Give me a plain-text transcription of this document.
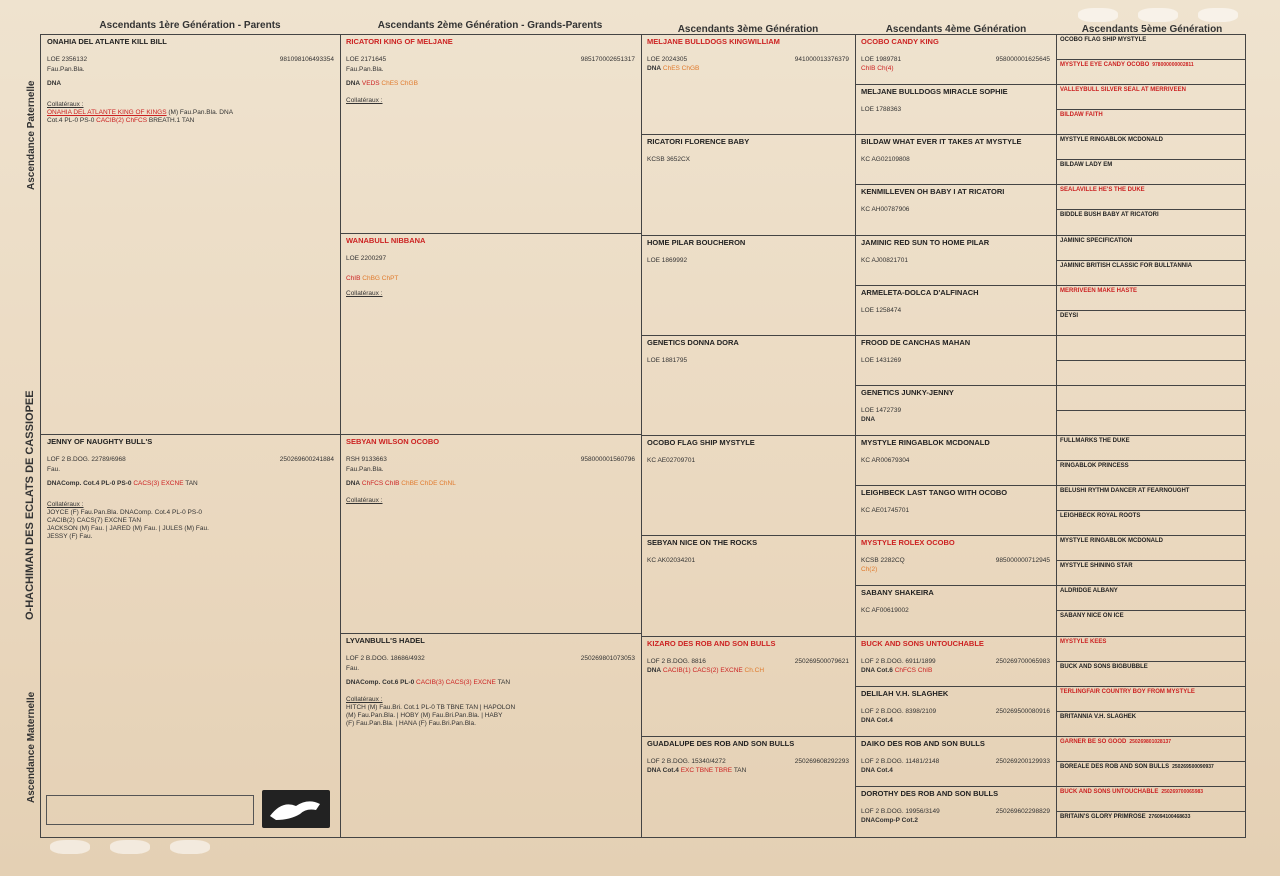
Ascendants 1ère Génération - Parents	Ascendants 2ème Génération - Grands-Parents	Ascendants 3ème Génération	Ascendants 4ème Génération	Ascendants 5ème Génération
Ascendance Paternelle
O-HACHIMAN DES ECLATS DE CASSIOPEE
Ascendance Maternelle
ONAHIA DEL ATLANTE KILL BILL
LOE 2356132	981098106493354
Fau.Pan.Bla.
DNA
Collatéraux :
ONAHIA DEL ATLANTE KING OF KINGS (M) Fau.Pan.Bla. DNA
Cot.4 PL-0 PS-0 CACIB(2) ChFCS BREATH.1 TAN
JENNY OF NAUGHTY BULL'S
LOF 2 B.DOG. 22789/6968	250269600241884
Fau.
DNAComp. Cot.4 PL-0 PS-0 CACS(3) EXCNE TAN
Collatéraux :
JOYCE (F) Fau.Pan.Bla. DNAComp. Cot.4 PL-0 PS-0
CACIB(2) CACS(7) EXCNE TAN
JACKSON (M) Fau. | JARED (M) Fau. | JULES (M) Fau.
JESSY (F) Fau.
RICATORI KING OF MELJANE
LOE 2171645	985170002651317
Fau.Pan.Bla.
DNA VEDS ChES ChGB
Collatéraux :
WANABULL NIBBANA
LOE 2200297
ChIB ChBG ChPT
Collatéraux :
SEBYAN WILSON OCOBO
RSH 9133663	958000001560796
Fau.Pan.Bla.
DNA ChFCS ChIB ChBE ChDE ChNL
Collatéraux :
LYVANBULL'S HADEL
LOF 2 B.DOG. 18686/4932	250269801073053
Fau.
DNAComp. Cot.6 PL-0 CACIB(3) CACS(3) EXCNE TAN
Collatéraux :
HITCH (M) Fau.Bri. Cot.1 PL-0 TB TBNE TAN | HAPOLON
(M) Fau.Pan.Bla. | HOBY (M) Fau.Bri.Pan.Bla. | HABY
(F) Fau.Pan.Bla. | HANA (F) Fau.Bri.Pan.Bla.
MELJANE BULLDOGS KINGWILLIAM
LOE 2024305	941000013376379
DNA ChES ChGB
RICATORI FLORENCE BABY
KCSB 3652CX
HOME PILAR BOUCHERON
LOE 1869992
GENETICS DONNA DORA
LOE 1881795
OCOBO FLAG SHIP MYSTYLE
KC AE02709701
SEBYAN NICE ON THE ROCKS
KC AK02034201
KIZARO DES ROB AND SON BULLS
LOF 2 B.DOG. 8816	250269500079621
DNA CACIB(1) CACS(2) EXCNE Ch.CH
GUADALUPE DES ROB AND SON BULLS
LOF 2 B.DOG. 15340/4272	250269608292293
DNA Cot.4 EXC TBNE TBRE TAN
OCOBO CANDY KING
LOE 1989781	958000001625645
ChIB Ch(4)
MELJANE BULLDOGS MIRACLE SOPHIE
LOE 1788363
BILDAW WHAT EVER IT TAKES AT MYSTYLE
KC AG02109808
KENMILLEVEN OH BABY I AT RICATORI
KC AH00787906
JAMINIC RED SUN TO HOME PILAR
KC AJ00821701
ARMELETA-DOLCA D'ALFINACH
LOE 1258474
FROOD DE CANCHAS MAHAN
LOE 1431269
GENETICS JUNKY-JENNY
LOE 1472739
DNA
MYSTYLE RINGABLOK MCDONALD
KC AR00679304
LEIGHBECK LAST TANGO WITH OCOBO
KC AE01745701
MYSTYLE ROLEX OCOBO
KCSB 2282CQ	985000000712945
Ch(2)
SABANY SHAKEIRA
KC AF00619002
BUCK AND SONS UNTOUCHABLE
LOF 2 B.DOG. 6911/1899	250269700065983
DNA Cot.6 ChFCS ChIB
DELILAH V.H. SLAGHEK
LOF 2 B.DOG. 8398/2109	250269500080916
DNA Cot.4
DAIKO DES ROB AND SON BULLS
LOF 2 B.DOG. 11481/2148	250269200129933
DNA Cot.4
DOROTHY DES ROB AND SON BULLS
LOF 2 B.DOG. 19956/3149	250269602298829
DNAComp-P Cot.2
OCOBO FLAG SHIP MYSTYLE
MYSTYLE EYE CANDY OCOBO 978000000002811
VALLEYBULL SILVER SEAL AT MERRIVEEN
BILDAW FAITH
MYSTYLE RINGABLOK MCDONALD
BILDAW LADY EM
SEALAVILLE HE'S THE DUKE
BIDDLE BUSH BABY AT RICATORI
JAMINIC SPECIFICATION
JAMINIC BRITISH CLASSIC FOR BULLTANNIA
MERRIVEEN MAKE HASTE
DEYSI
FULLMARKS THE DUKE
RINGABLOK PRINCESS
BELUSHI RYTHM DANCER AT FEARNOUGHT
LEIGHBECK ROYAL ROOTS
MYSTYLE RINGABLOK MCDONALD
MYSTYLE SHINING STAR
ALDRIDGE ALBANY
SABANY NICE ON ICE
MYSTYLE KEES
BUCK AND SONS BIGBUBBLE
TERLINGFAIR COUNTRY BOY FROM MYSTYLE
BRITANNIA V.H. SLAGHEK
GARNER BE SO GOOD 250269801028137
BOREALE DES ROB AND SON BULLS 250269500090937
BUCK AND SONS UNTOUCHABLE 250269700065983
BRITAIN'S GLORY PRIMROSE 276094100468633
